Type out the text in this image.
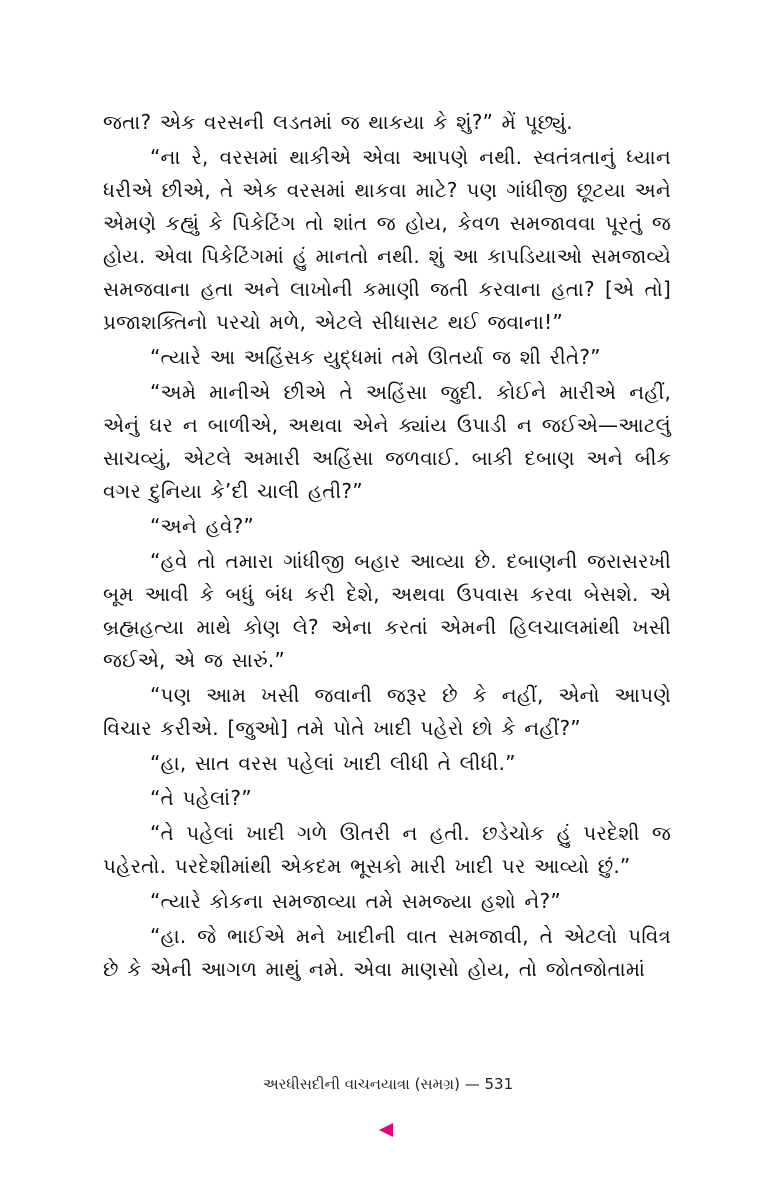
જતા? એક વરસની લડતમાં જ થાકયા કે શું?” મેં પૂછ્યું.

“ના રે, વરસમાં થાકીએ એવા આપણે નથી. સ્વતંત્રતાનું ધ્યાન ધરીએ છીએ, તે એક વરસમાં થાકવા માટે? પણ ગાંધીજી છૂટયા અને એમણે કહ્યું કે પિકેટિંગ તો શાંત જ હોય, કેવળ સમજાવવા પૂરતું જ હોય. એવા પિકેટિંગમાં હું માનતો નથી. શું આ કાપડિયાઓ સમજાવ્યે સમજવાના હતા અને લાખોની કમાણી જતી કરવાના હતા? [એ તો] પ્રજાશક્તિનો પરચો મળે, એટલે સીધાસટ થઈ જવાના!”

“ત્યારે આ અહિંસક યુદ્ધમાં તમે ઊતર્યા જ શી રીતે?”

“અમે માનીએ છીએ તે અહિંસા જુદી. કોઈને મારીએ નહીં, એનું ઘર ન બાળીએ, અથવા એને ક્યાંય ઉપાડી ન જઈએ—આટલું સાચવ્યું, એટલે અમારી અહિંસા જળવાઈ. બાકી દબાણ અને બીક વગર દુનિયા કે’દી ચાલી હતી?”

“અને હવે?”

“હવે તો તમારા ગાંધીજી બહાર આવ્યા છે. દબાણની જરાસરખી બૂમ આવી કે બધું બંધ કરી દેશે, અથવા ઉપવાસ કરવા બેસશે. એ બ્રહ્મહત્યા માથે કોણ લે? એના કરતાં એમની હિલચાલમાંથી ખસી જઈએ, એ જ સારું.”

“પણ આમ ખસી જવાની જરૂર છે કે નહીં, એનો આપણે વિચાર કરીએ. [જુઓ] તમે પોતે ખાદી પહેરો છો કે નહીં?”

“હા, સાત વરસ પહેલાં ખાદી લીધી તે લીધી.”

“તે પહેલાં?”

“તે પહેલાં ખાદી ગળે ઊતરી ન હતી. છડેચોક હું પરદેશી જ પહેરતો. પરદેશીમાંથી એકદમ ભૂસકો મારી ખાદી પર આવ્યો છું.”

“ત્યારે કોકના સમજાવ્યા તમે સમજ્યા હશો ને?”

“હા. જે ભાઈએ મને ખાદીની વાત સમજાવી, તે એટલો પવિત્ર છે કે એની આગળ માથું નમે. એવા માણસો હોય, તો જોતજોતામાં

અરધીસદીની વાચનયાત્રા (સમગ્ર) — 531
